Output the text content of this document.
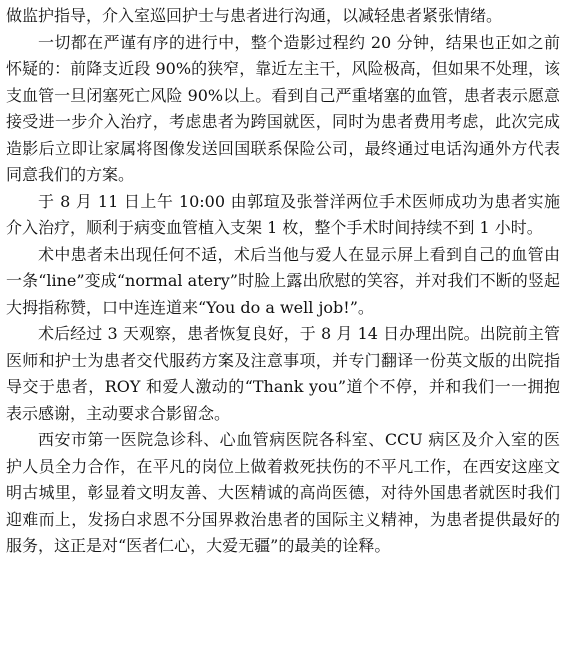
做监护指导，介入室巡回护士与患者进行沟通，以减轻患者紧张情绪。

一切都在严谨有序的进行中，整个造影过程约 20 分钟，结果也正如之前怀疑的：前降支近段 90%的狭窄，靠近左主干，风险极高，但如果不处理，该支血管一旦闭塞死亡风险 90%以上。看到自己严重堵塞的血管，患者表示愿意接受进一步介入治疗，考虑患者为跨国就医，同时为患者费用考虑，此次完成造影后立即让家属将图像发送回国联系保险公司，最终通过电话沟通外方代表同意我们的方案。

于 8 月 11 日上午 10:00 由郭瑄及张誉洋两位手术医师成功为患者实施介入治疗，顺利于病变血管植入支架 1 枚，整个手术时间持续不到 1 小时。

术中患者未出现任何不适，术后当他与爱人在显示屏上看到自己的血管由一条“line”变成“normal atery”时脸上露出欣慰的笑容，并对我们不断的竖起大拇指称赞，口中连连道来“You do a well job!”。

术后经过 3 天观察，患者恢复良好，于 8 月 14 日办理出院。出院前主管医师和护士为患者交代服药方案及注意事项，并专门翻译一份英文版的出院指导交于患者，ROY 和爱人激动的“Thank you”道个不停，并和我们一一拥抱表示感谢，主动要求合影留念。

西安市第一医院急诊科、心血管病医院各科室、CCU 病区及介入室的医护人员全力合作，在平凡的岗位上做着救死扶伤的不平凡工作，在西安这座文明古城里，彰显着文明友善、大医精诚的高尚医德，对待外国患者就医时我们迎难而上，发扬白求恩不分国界救治患者的国际主义精神，为患者提供最好的服务，这正是对“医者仁心，大爱无疆”的最美的诠释。
